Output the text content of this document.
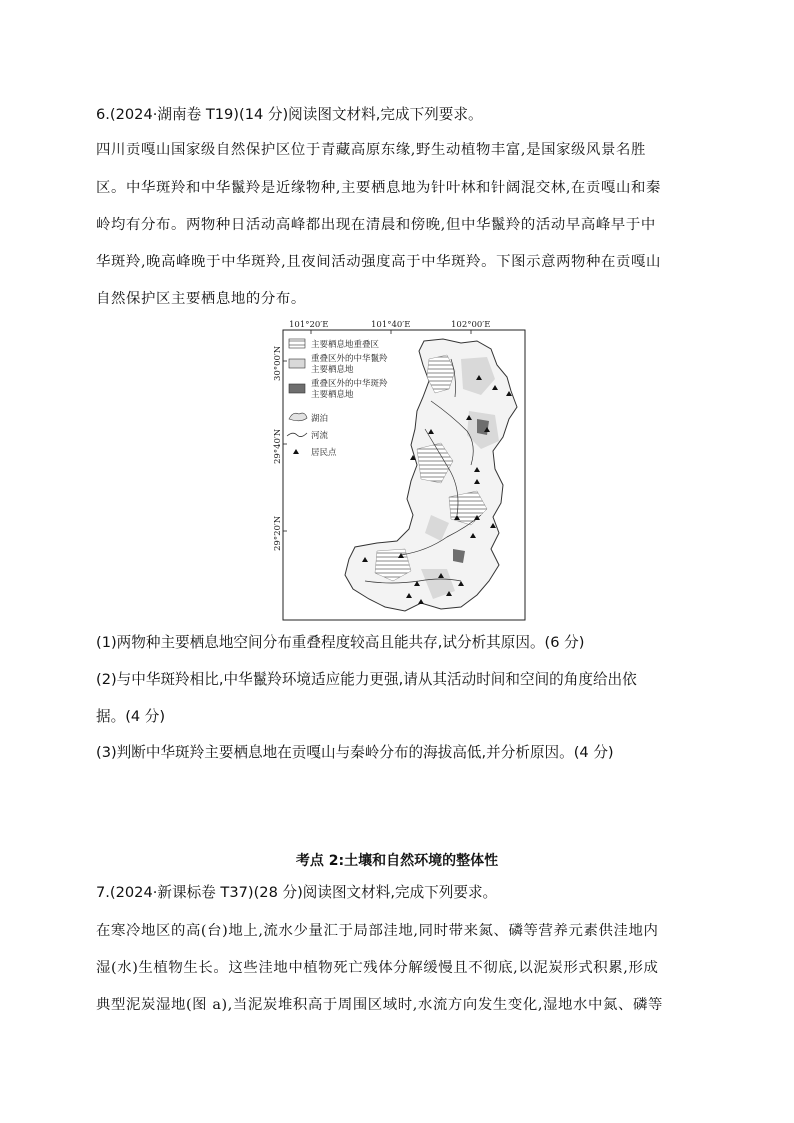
6.(2024·湖南卷 T19)(14 分)阅读图文材料,完成下列要求。
四川贡嘎山国家级自然保护区位于青藏高原东缘,野生动植物丰富,是国家级风景名胜
区。中华斑羚和中华鬣羚是近缘物种,主要栖息地为针叶林和针阔混交林,在贡嘎山和秦
岭均有分布。两物种日活动高峰都出现在清晨和傍晚,但中华鬣羚的活动早高峰早于中
华斑羚,晚高峰晚于中华斑羚,且夜间活动强度高于中华斑羚。下图示意两物种在贡嘎山
自然保护区主要栖息地的分布。
101°20′E	101°40′E	102°00′E
30°00′N
29°40′N
29°20′N
主要栖息地重叠区
重叠区外的中华鬣羚
主要栖息地
重叠区外的中华斑羚
主要栖息地
湖泊
河流
居民点
(1)两物种主要栖息地空间分布重叠程度较高且能共存,试分析其原因。(6 分)
(2)与中华斑羚相比,中华鬣羚环境适应能力更强,请从其活动时间和空间的角度给出依
据。(4 分)
(3)判断中华斑羚主要栖息地在贡嘎山与秦岭分布的海拔高低,并分析原因。(4 分)
考点 2:土壤和自然环境的整体性
7.(2024·新课标卷 T37)(28 分)阅读图文材料,完成下列要求。
在寒冷地区的高(台)地上,流水少量汇于局部洼地,同时带来氮、磷等营养元素供洼地内
湿(水)生植物生长。这些洼地中植物死亡残体分解缓慢且不彻底,以泥炭形式积累,形成
典型泥炭湿地(图 a),当泥炭堆积高于周围区域时,水流方向发生变化,湿地水中氮、磷等
